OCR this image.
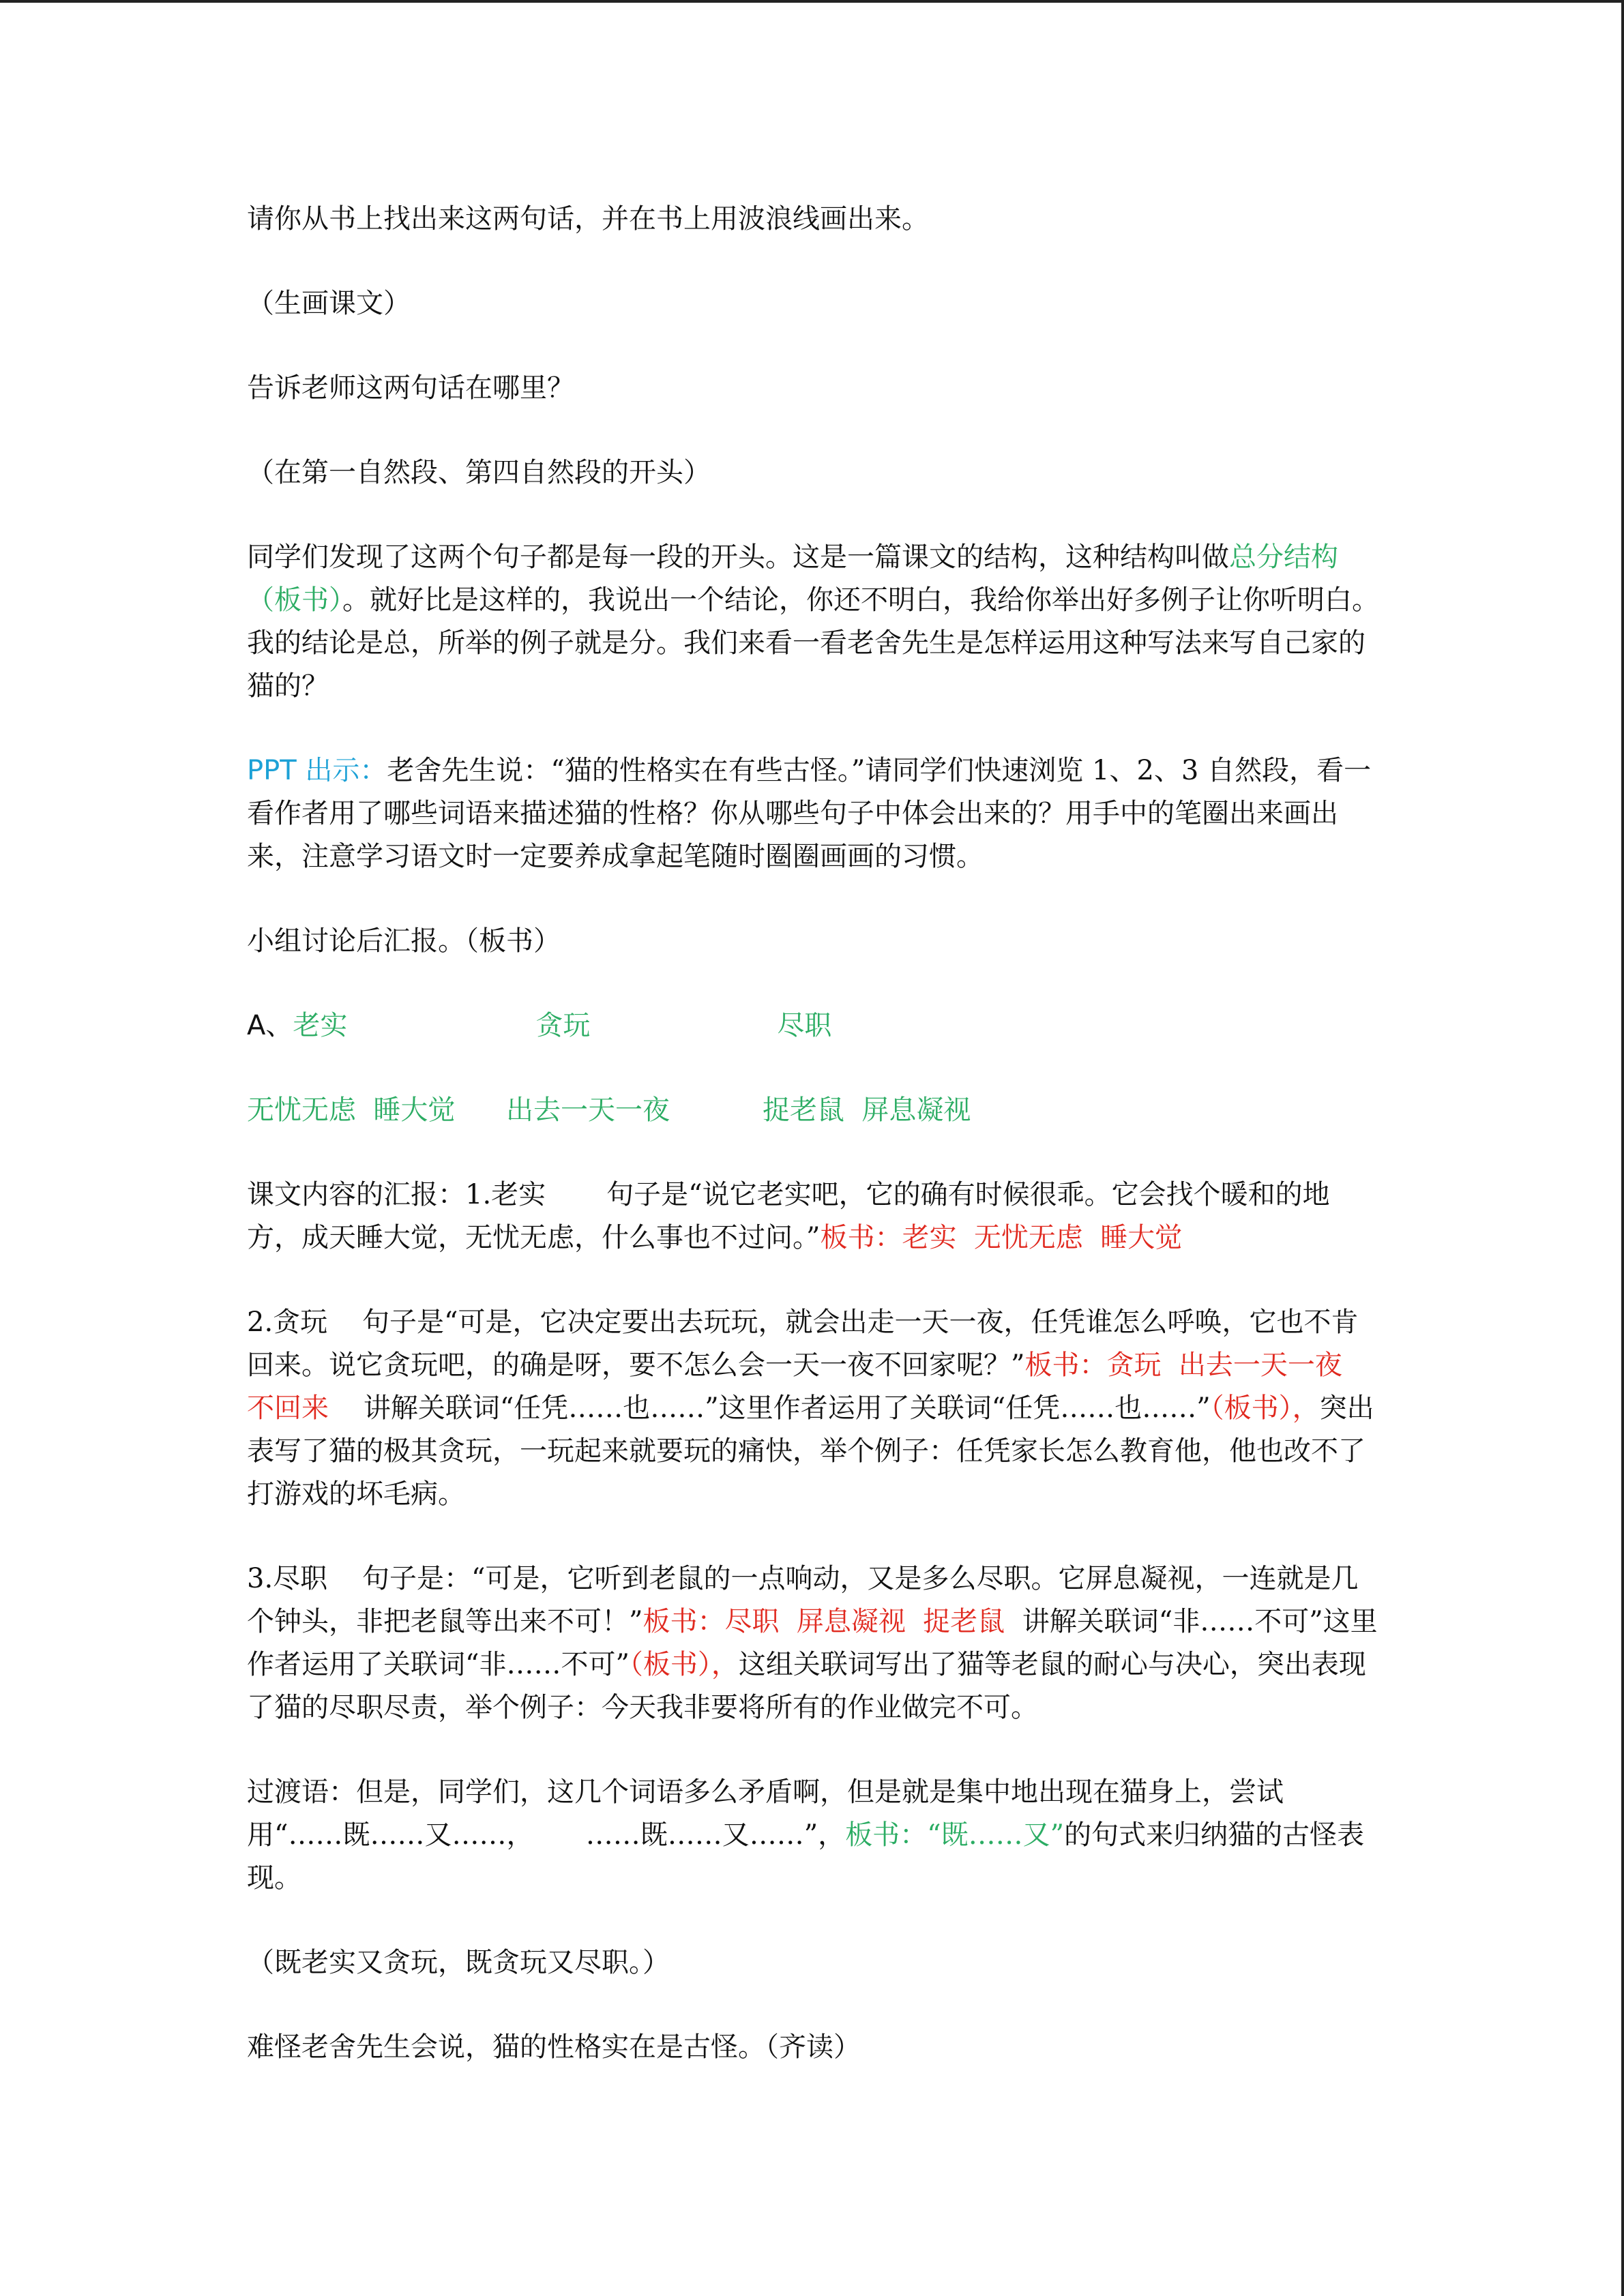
请你从书上找出来这两句话，并在书上用波浪线画出来。

（生画课文）

告诉老师这两句话在哪里？

（在第一自然段、第四自然段的开头）

同学们发现了这两个句子都是每一段的开头。这是一篇课文的结构，这种结构叫做总分结构（板书）。就好比是这样的，我说出一个结论，你还不明白，我给你举出好多例子让你听明白。我的结论是总，所举的例子就是分。我们来看一看老舍先生是怎样运用这种写法来写自己家的猫的？

PPT 出示：老舍先生说：“猫的性格实在有些古怪。”请同学们快速浏览 1、2、3 自然段，看一看作者用了哪些词语来描述猫的性格？你从哪些句子中体会出来的？用手中的笔圈出来画出来，注意学习语文时一定要养成拿起笔随时圈圈画画的习惯。

小组讨论后汇报。（板书）

A、 老实	贪玩	尽职
无忧无虑  睡大觉	出去一天一夜	捉老鼠  屏息凝视

课文内容的汇报：1.老实       句子是“说它老实吧，它的确有时候很乖。它会找个暖和的地方，成天睡大觉，无忧无虑，什么事也不过问。”板书：老实  无忧无虑  睡大觉

2.贪玩    句子是“可是，它决定要出去玩玩，就会出走一天一夜，任凭谁怎么呼唤，它也不肯回来。说它贪玩吧，的确是呀，要不怎么会一天一夜不回家呢？”板书：贪玩  出去一天一夜    不回来    讲解关联词“任凭……也……”这里作者运用了关联词“任凭……也……”（板书），突出表写了猫的极其贪玩，一玩起来就要玩的痛快，举个例子：任凭家长怎么教育他，他也改不了打游戏的坏毛病。

3.尽职    句子是：“可是，它听到老鼠的一点响动，又是多么尽职。它屏息凝视，一连就是几个钟头，非把老鼠等出来不可！”板书：尽职  屏息凝视  捉老鼠  讲解关联词“非……不可”这里作者运用了关联词“非……不可”（板书），这组关联词写出了猫等老鼠的耐心与决心，突出表现了猫的尽职尽责，举个例子：今天我非要将所有的作业做完不可。

过渡语：但是，同学们，这几个词语多么矛盾啊，但是就是集中地出现在猫身上，尝试用“……既……又……，      ……既……又……”，板书：“既……又”的句式来归纳猫的古怪表现。

（既老实又贪玩，既贪玩又尽职。）

难怪老舍先生会说，猫的性格实在是古怪。（齐读）
